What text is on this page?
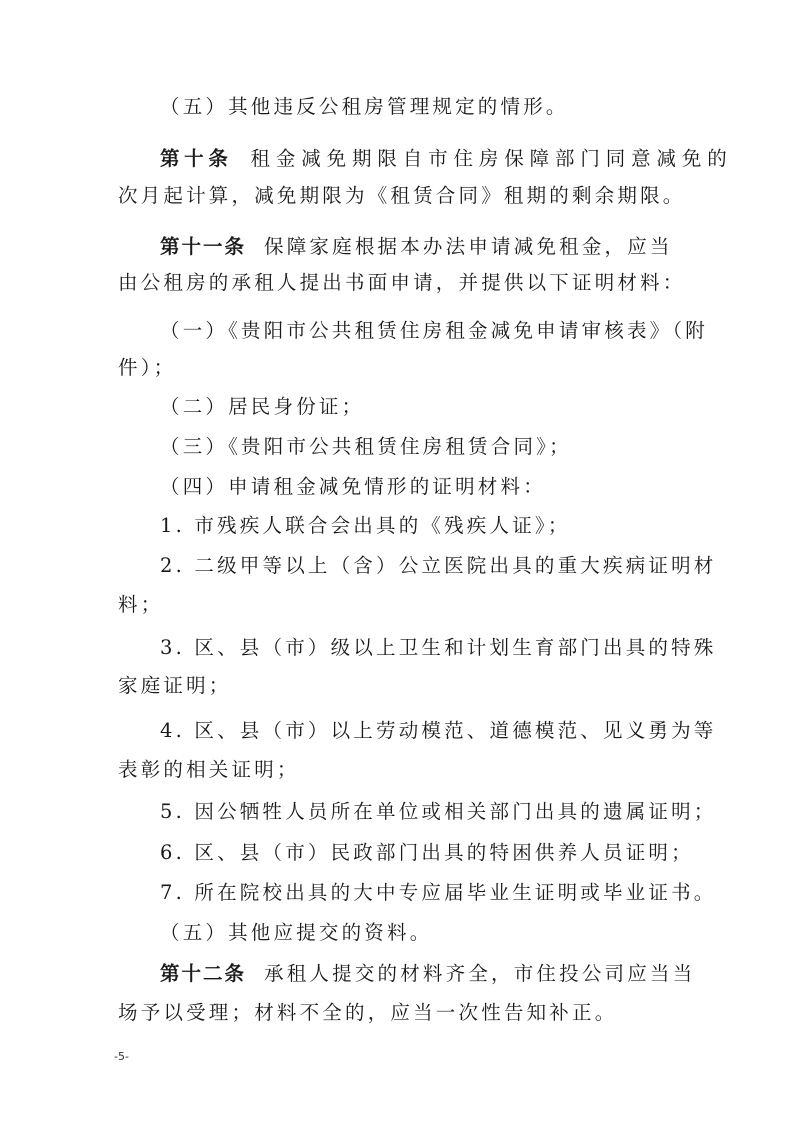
（五）其他违反公租房管理规定的情形。
第十条 租金减免期限自市住房保障部门同意减免的
次月起计算，减免期限为《租赁合同》租期的剩余期限。
第十一条 保障家庭根据本办法申请减免租金，应当
由公租房的承租人提出书面申请，并提供以下证明材料：
（一）《贵阳市公共租赁住房租金减免申请审核表》（附
件）；
（二）居民身份证；
（三）《贵阳市公共租赁住房租赁合同》；
（四）申请租金减免情形的证明材料：
1. 市残疾人联合会出具的《残疾人证》；
2. 二级甲等以上（含）公立医院出具的重大疾病证明材
料；
3. 区、县（市）级以上卫生和计划生育部门出具的特殊
家庭证明；
4. 区、县（市）以上劳动模范、道德模范、见义勇为等
表彰的相关证明；
5. 因公牺牲人员所在单位或相关部门出具的遗属证明；
6. 区、县（市）民政部门出具的特困供养人员证明；
7. 所在院校出具的大中专应届毕业生证明或毕业证书。
（五）其他应提交的资料。
第十二条 承租人提交的材料齐全，市住投公司应当当
场予以受理；材料不全的，应当一次性告知补正。
-5-
